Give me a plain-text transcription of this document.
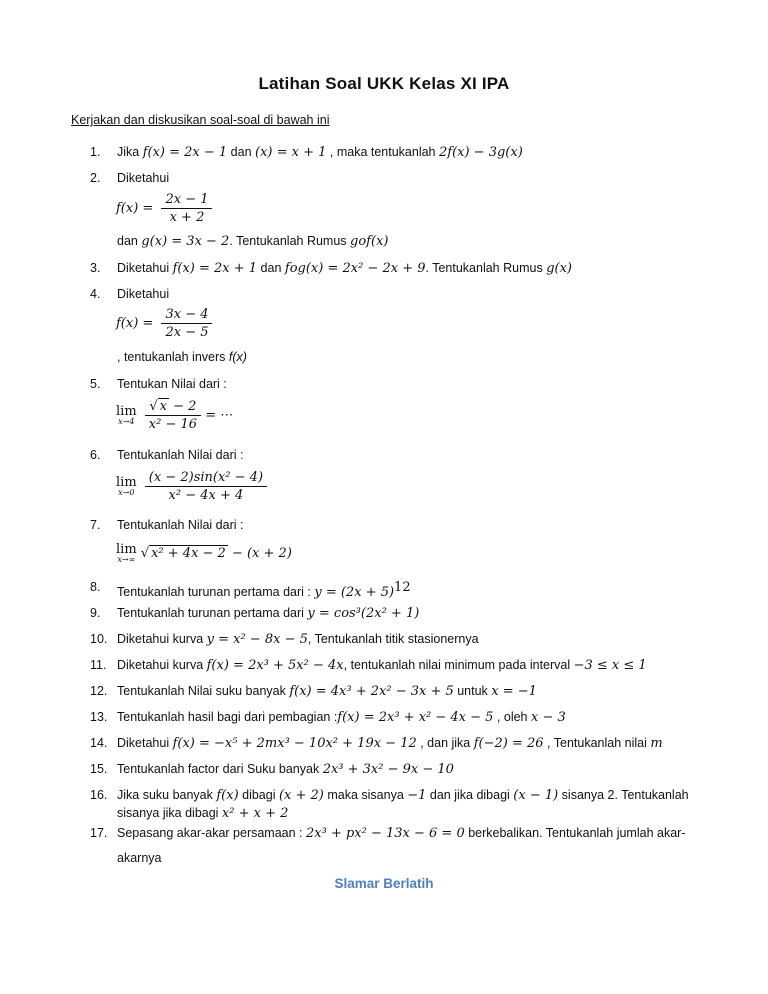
Latihan Soal UKK Kelas XI IPA
Kerjakan dan diskusikan soal-soal di bawah ini
1.	Jika f(x) = 2x − 1 dan (x) = x + 1 , maka tentukanlah 2f(x) − 3g(x)
2.	Diketahui
$f(x) = \frac{2x - 1}{x + 2}$
dan g(x) = 3x − 2. Tentukanlah Rumus gof(x)
3.	Diketahui f(x) = 2x + 1 dan fog(x) = 2x² − 2x + 9. Tentukanlah Rumus g(x)
4.	Diketahui
$f(x) = \frac{3x - 4}{2x - 5}$
, tentukanlah invers f(x)
5.	Tentukan Nilai dari :
lim
x→4
$\frac{√ x - 2}{\text{x² − 16}}$ = ⋯
6.	Tentukanlah Nilai dari :
lim
x→0
$\frac{\text{(x − 2)sin(x² − 4)}}{\text{x² − 4x + 4}}$
7.	Tentukanlah Nilai dari :
lim
x→∞ √ x² + 4x − 2 − (x + 2)
8.	Tentukanlah turunan pertama dari : $y = (2x + 5)^{12}$
9.	Tentukanlah turunan pertama dari y = cos³(2x² + 1)
10. Diketahui kurva y = x² − 8x − 5, Tentukanlah titik stasionernya
11. Diketahui kurva f(x) = 2x³ + 5x² − 4x, tentukanlah nilai minimum pada interval −3 ≤ x ≤ 1
12. Tentukanlah Nilai suku banyak f(x) = 4x³ + 2x² − 3x + 5 untuk x = −1
13. Tentukanlah hasil bagi dari pembagian :f(x) = 2x³ + x² − 4x − 5 , oleh x − 3
14. Diketahui f(x) = −x⁵ + 2mx³ − 10x² + 19x − 12 , dan jika f(−2) = 26 , Tentukanlah nilai m
15. Tentukanlah factor dari Suku banyak 2x³ + 3x² − 9x − 10
16. Jika suku banyak f(x) dibagi (x + 2) maka sisanya −1 dan jika dibagi (x − 1) sisanya 2. Tentukanlah
sisanya jika dibagi x² + x + 2
17. Sepasang akar-akar persamaan : 2x³ + px² − 13x − 6 = 0 berkebalikan. Tentukanlah jumlah akar-
akarnya
Slamar Berlatih
